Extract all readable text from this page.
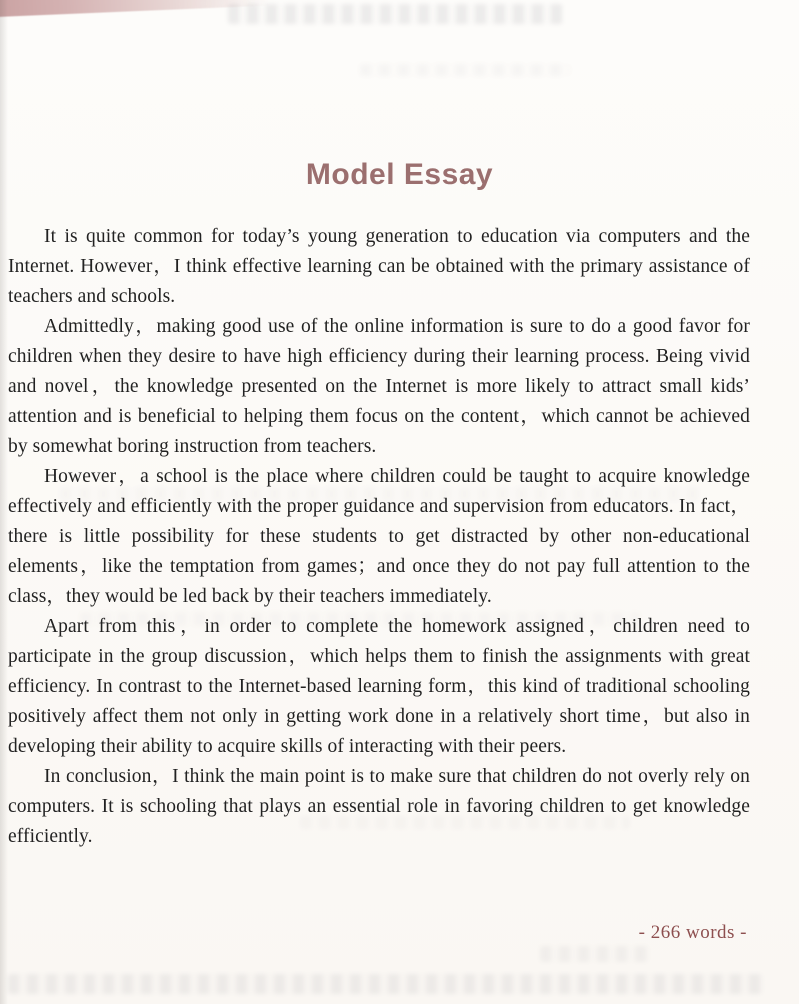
Model Essay

It is quite common for today’s young generation to education via computers and the Internet. However，I think effective learning can be obtained with the primary assistance of teachers and schools.

Admittedly，making good use of the online information is sure to do a good favor for children when they desire to have high efficiency during their learning process. Being vivid and novel，the knowledge presented on the Internet is more likely to attract small kids’ attention and is beneficial to helping them focus on the content，which cannot be achieved by somewhat boring instruction from teachers.

However，a school is the place where children could be taught to acquire knowledge effectively and efficiently with the proper guidance and supervision from educators. In fact，there is little possibility for these students to get distracted by other non-educational elements，like the temptation from games；and once they do not pay full attention to the class，they would be led back by their teachers immediately.

Apart from this，in order to complete the homework assigned，children need to participate in the group discussion，which helps them to finish the assignments with great efficiency. In contrast to the Internet-based learning form，this kind of traditional schooling positively affect them not only in getting work done in a relatively short time，but also in developing their ability to acquire skills of interacting with their peers.

In conclusion，I think the main point is to make sure that children do not overly rely on computers. It is schooling that plays an essential role in favoring children to get knowledge efficiently.

- 266 words -
